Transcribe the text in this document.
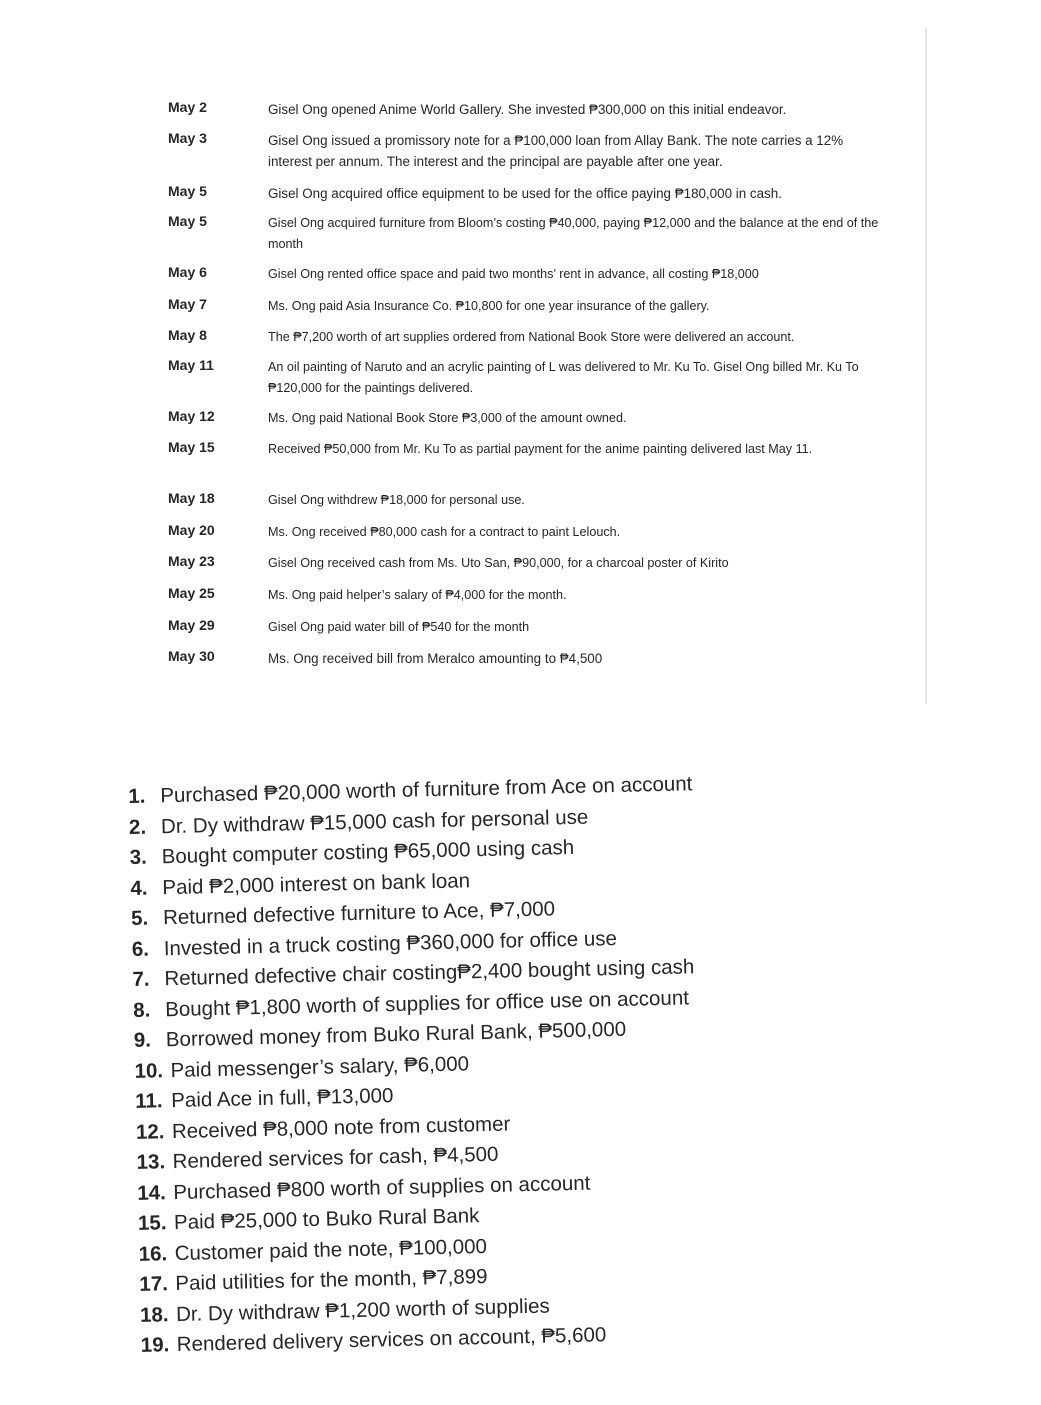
May 2	Gisel Ong opened Anime World Gallery. She invested ₱300,000 on this initial endeavor.
May 3	Gisel Ong issued a promissory note for a ₱100,000 loan from Allay Bank. The note carries a 12% interest per annum. The interest and the principal are payable after one year.
May 5	Gisel Ong acquired office equipment to be used for the office paying ₱180,000 in cash.
May 5	Gisel Ong acquired furniture from Bloom’s costing ₱40,000, paying ₱12,000 and the balance at the end of the month
May 6	Gisel Ong rented office space and paid two months’ rent in advance, all costing ₱18,000
May 7	Ms. Ong paid Asia Insurance Co. ₱10,800 for one year insurance of the gallery.
May 8	The ₱7,200 worth of art supplies ordered from National Book Store were delivered an account.
May 11	An oil painting of Naruto and an acrylic painting of L was delivered to Mr. Ku To. Gisel Ong billed Mr. Ku To ₱120,000 for the paintings delivered.
May 12	Ms. Ong paid National Book Store ₱3,000 of the amount owned.
May 15	Received ₱50,000 from Mr. Ku To as partial payment for the anime painting delivered last May 11.
May 18	Gisel Ong withdrew ₱18,000 for personal use.
May 20	Ms. Ong received ₱80,000 cash for a contract to paint Lelouch.
May 23	Gisel Ong received cash from Ms. Uto San, ₱90,000, for a charcoal poster of Kirito
May 25	Ms. Ong paid helper’s salary of ₱4,000 for the month.
May 29	Gisel Ong paid water bill of ₱540 for the month
May 30	Ms. Ong received bill from Meralco amounting to ₱4,500
1. Purchased ₱20,000 worth of furniture from Ace on account
2. Dr. Dy withdraw ₱15,000 cash for personal use
3. Bought computer costing ₱65,000 using cash
4. Paid ₱2,000 interest on bank loan
5. Returned defective furniture to Ace, ₱7,000
6. Invested in a truck costing ₱360,000 for office use
7. Returned defective chair costing₱2,400 bought using cash
8. Bought ₱1,800 worth of supplies for office use on account
9. Borrowed money from Buko Rural Bank, ₱500,000
10. Paid messenger’s salary, ₱6,000
11. Paid Ace in full, ₱13,000
12. Received ₱8,000 note from customer
13. Rendered services for cash, ₱4,500
14. Purchased ₱800 worth of supplies on account
15. Paid ₱25,000 to Buko Rural Bank
16. Customer paid the note, ₱100,000
17. Paid utilities for the month, ₱7,899
18. Dr. Dy withdraw ₱1,200 worth of supplies
19. Rendered delivery services on account, ₱5,600
